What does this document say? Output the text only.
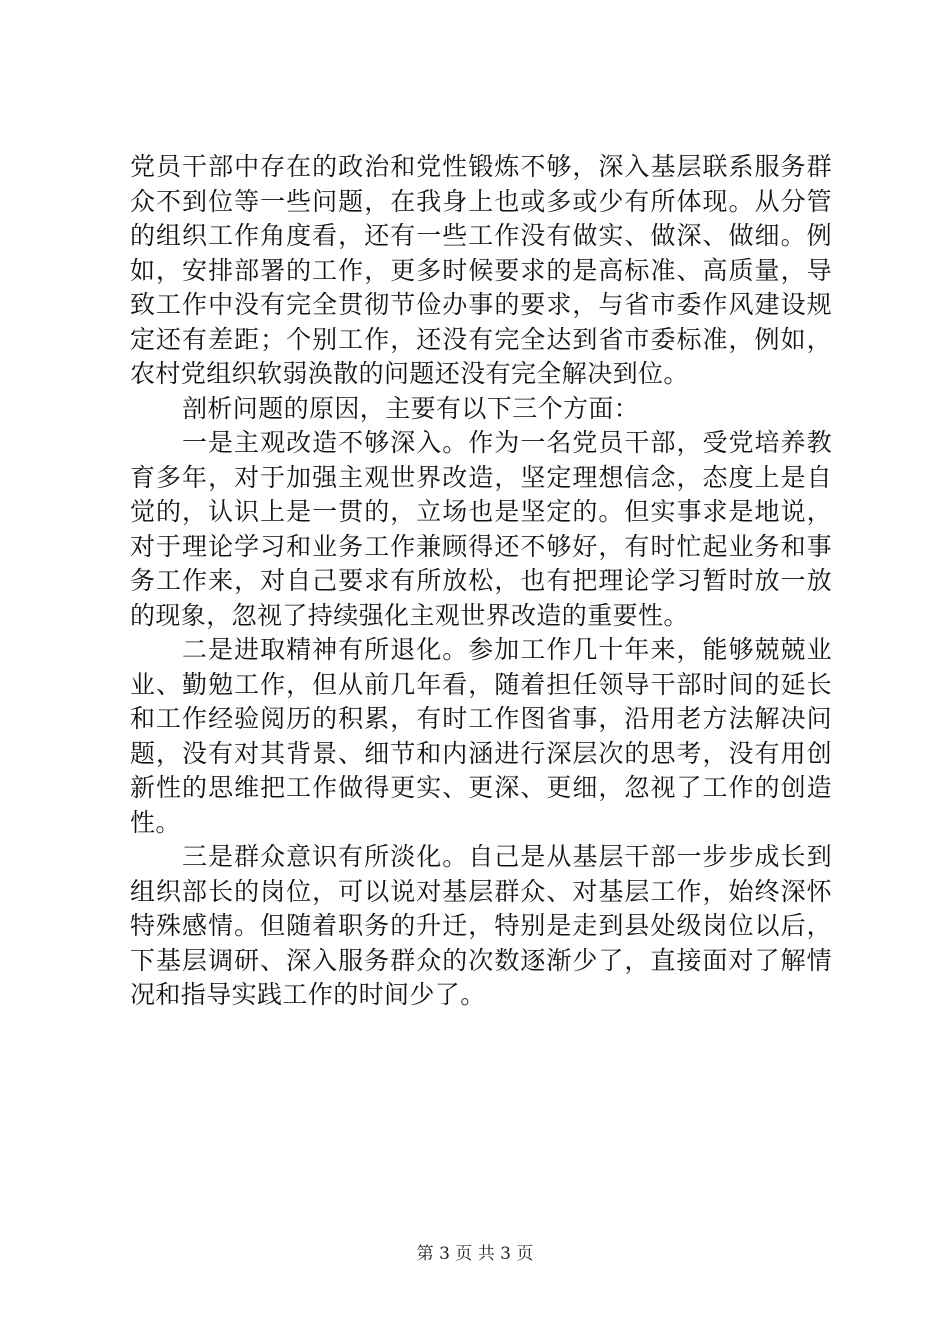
党员干部中存在的政治和党性锻炼不够，深入基层联系服务群众不到位等一些问题，在我身上也或多或少有所体现。从分管的组织工作角度看，还有一些工作没有做实、做深、做细。例如，安排部署的工作，更多时候要求的是高标准、高质量，导致工作中没有完全贯彻节俭办事的要求，与省市委作风建设规定还有差距；个别工作，还没有完全达到省市委标准，例如，农村党组织软弱涣散的问题还没有完全解决到位。

剖析问题的原因，主要有以下三个方面：

一是主观改造不够深入。作为一名党员干部，受党培养教育多年，对于加强主观世界改造，坚定理想信念，态度上是自觉的，认识上是一贯的，立场也是坚定的。但实事求是地说，对于理论学习和业务工作兼顾得还不够好，有时忙起业务和事务工作来，对自己要求有所放松，也有把理论学习暂时放一放的现象，忽视了持续强化主观世界改造的重要性。

二是进取精神有所退化。参加工作几十年来，能够兢兢业业、勤勉工作，但从前几年看，随着担任领导干部时间的延长和工作经验阅历的积累，有时工作图省事，沿用老方法解决问题，没有对其背景、细节和内涵进行深层次的思考，没有用创新性的思维把工作做得更实、更深、更细，忽视了工作的创造性。

三是群众意识有所淡化。自己是从基层干部一步步成长到组织部长的岗位，可以说对基层群众、对基层工作，始终深怀特殊感情。但随着职务的升迁，特别是走到县处级岗位以后，下基层调研、深入服务群众的次数逐渐少了，直接面对了解情况和指导实践工作的时间少了。

第 3 页 共 3 页
